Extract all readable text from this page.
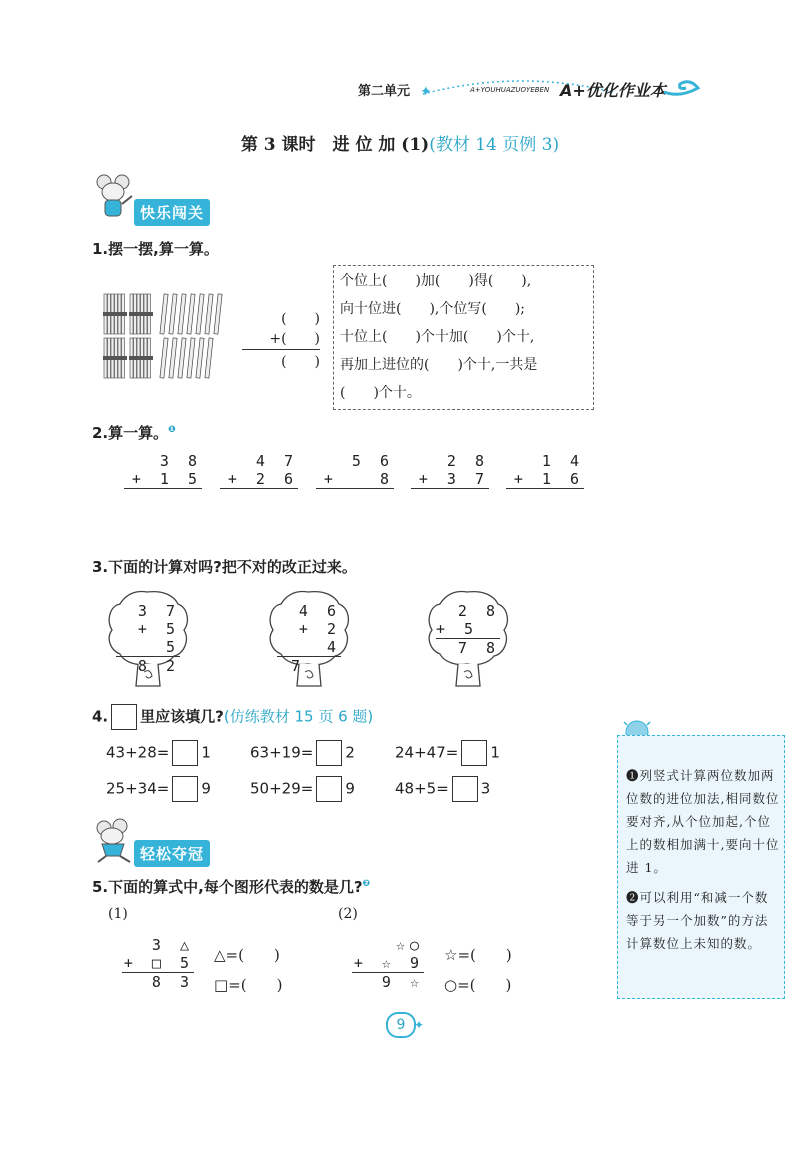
第二单元 ✦	A+YOUHUAZUOYEBEN A+优化作业本
第 3 课时　进 位 加 (1)(教材 14 页例 3)
快乐闯关
1.摆一摆,算一算。
(　　)
+(　　)
(　　)
个位上(　　)加(　　)得(　　),
向十位进(　　),个位写(　　);
十位上(　　)个十加(　　)个十,
再加上进位的(　　)个十,一共是
(　　)个十。
2.算一算。$^❶$
3 8
+ 1 5
4 7
+ 2 6
5 6
+   8
2 8
+ 3 7
1 4
+ 1 6
3.下面的计算对吗?把不对的改正过来。
3 7
+ 5 5
8 2
4 6
+ 2 4
7
2 8
+ 5
7 8
4. 里应该填几?(仿练教材 15 页 6 题)
43+28= 1	63+19= 2	24+47= 1
25+34= 9	50+29= 9	48+5= 3
轻松夺冠
5.下面的算式中,每个图形代表的数是几?$^❷$
(1)
3 △
+ □ 5
8 3
△=(　　)
□=(　　)
(2)
☆○
+ ☆ 9
9 ☆
☆=(　　)
○=(　　)
❶列竖式计算两位数加两位数的进位加法,相同数位要对齐,从个位加起,个位上的数相加满十,要向十位进 1。
❷可以利用“和减一个数等于另一个加数”的方法计算数位上未知的数。
9 ✦
